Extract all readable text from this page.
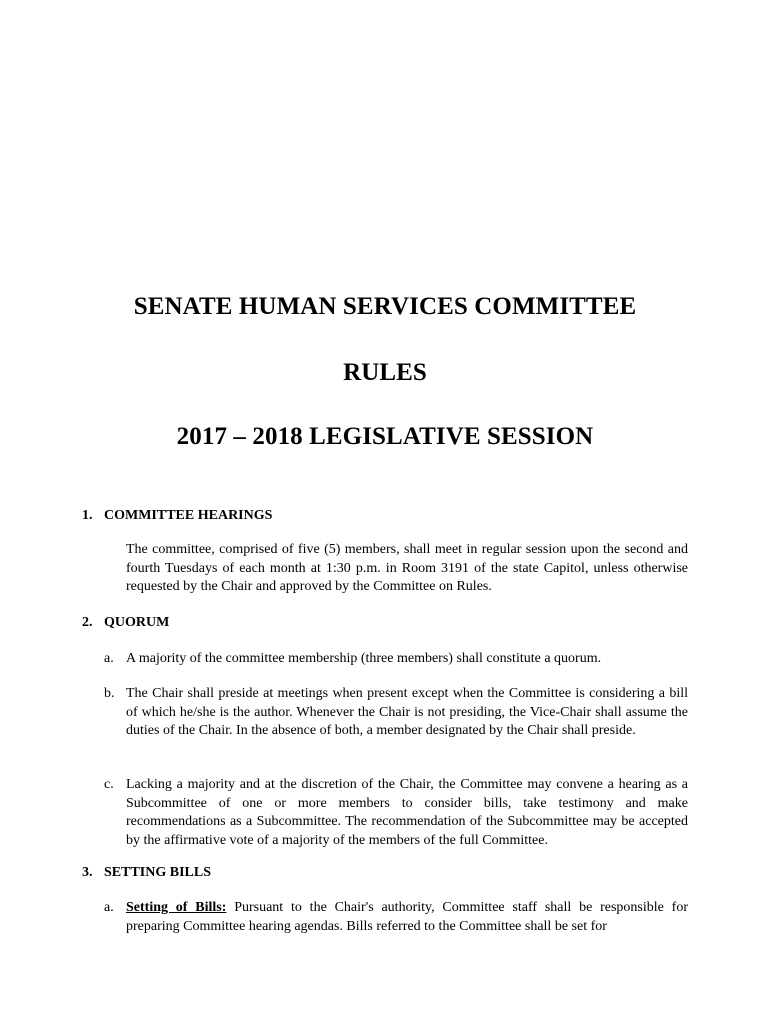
SENATE HUMAN SERVICES COMMITTEE
RULES
2017 – 2018 LEGISLATIVE SESSION
1. COMMITTEE HEARINGS
The committee, comprised of five (5) members, shall meet in regular session upon the second and fourth Tuesdays of each month at 1:30 p.m. in Room 3191 of the state Capitol, unless otherwise requested by the Chair and approved by the Committee on Rules.
2. QUORUM
a. A majority of the committee membership (three members) shall constitute a quorum.
b. The Chair shall preside at meetings when present except when the Committee is considering a bill of which he/she is the author. Whenever the Chair is not presiding, the Vice-Chair shall assume the duties of the Chair. In the absence of both, a member designated by the Chair shall preside.
c. Lacking a majority and at the discretion of the Chair, the Committee may convene a hearing as a Subcommittee of one or more members to consider bills, take testimony and make recommendations as a Subcommittee. The recommendation of the Subcommittee may be accepted by the affirmative vote of a majority of the members of the full Committee.
3. SETTING BILLS
a. Setting of Bills: Pursuant to the Chair's authority, Committee staff shall be responsible for preparing Committee hearing agendas. Bills referred to the Committee shall be set for
